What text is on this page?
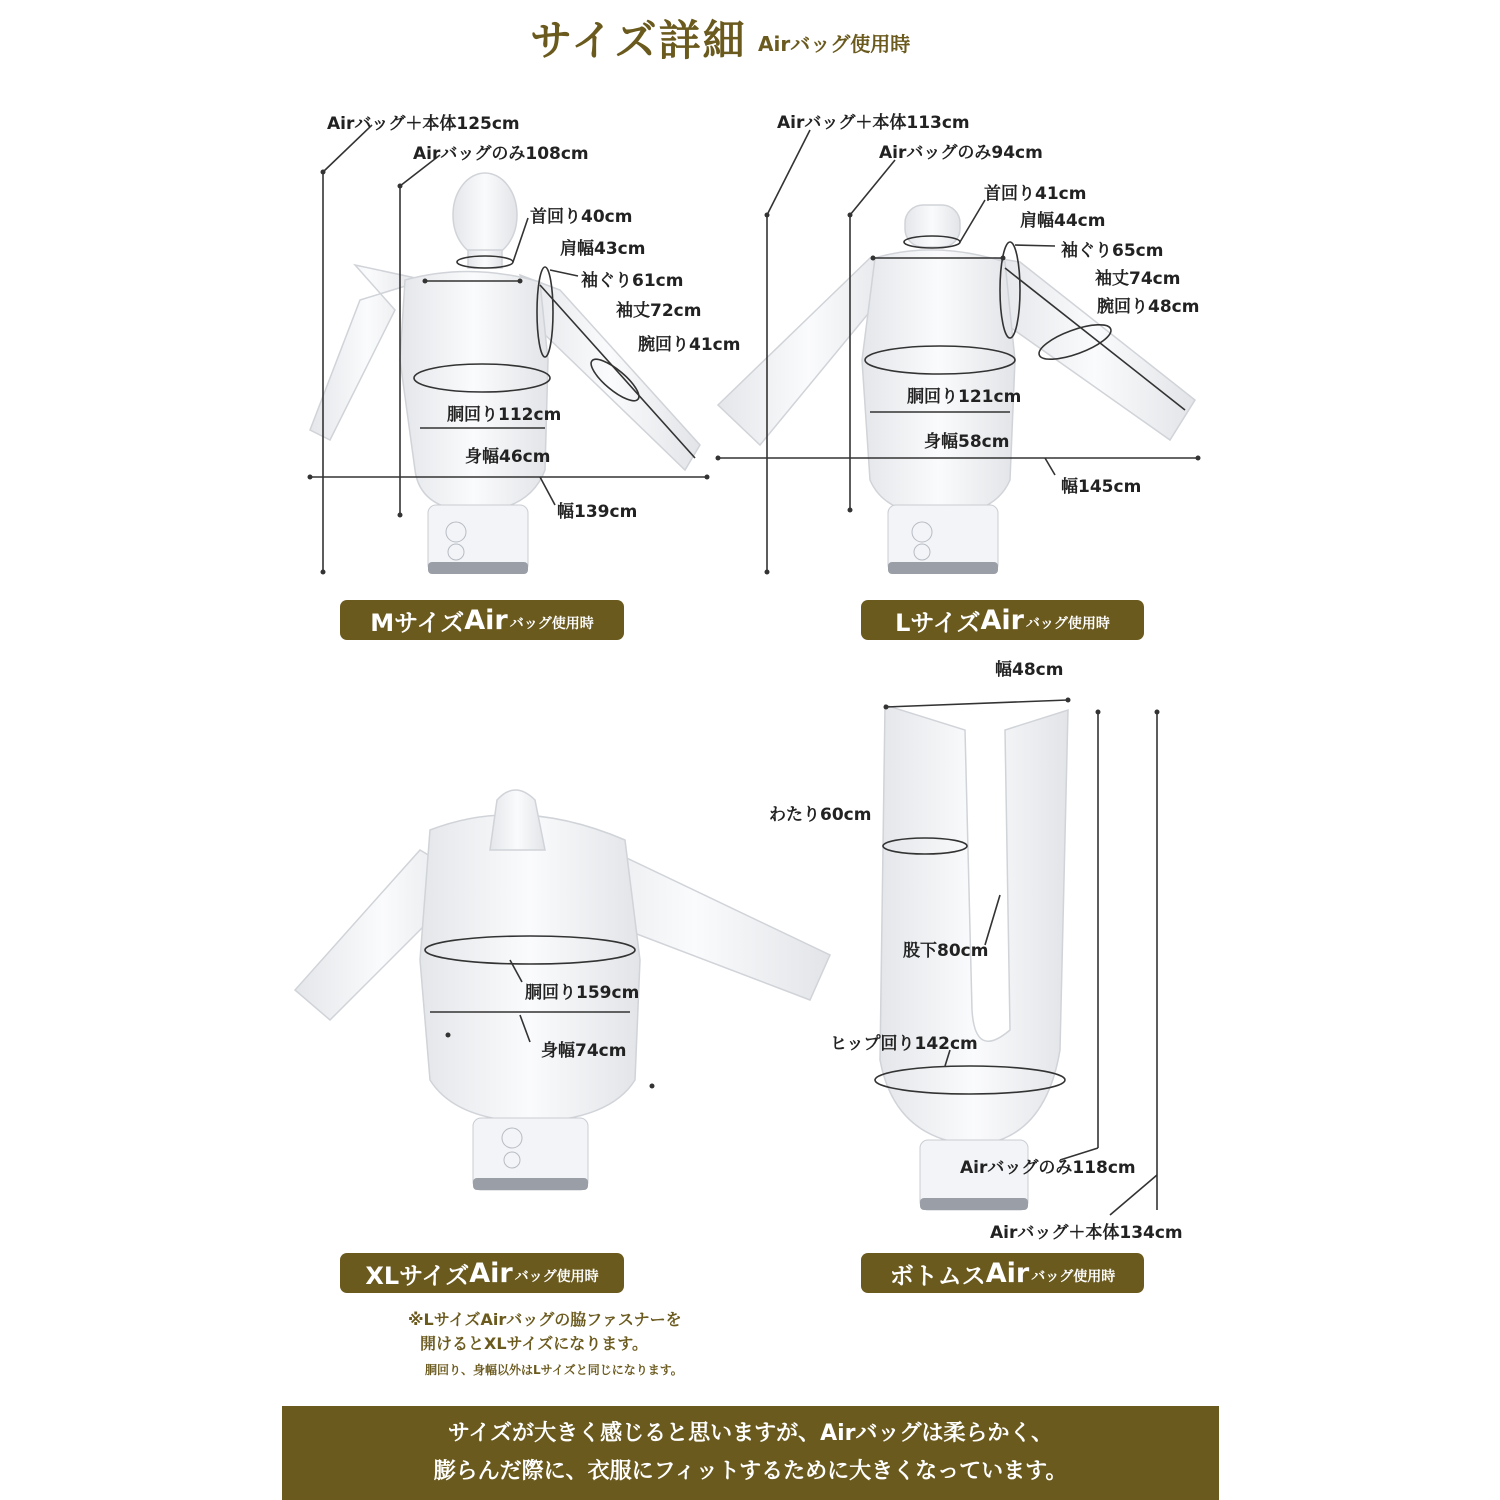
サイズ詳細 Airバッグ使用時
Airバッグ＋本体125cm
Airバッグのみ108cm
首回り40cm
肩幅43cm
袖ぐり61cm
袖丈72cm
腕回り41cm
胴回り112cm
身幅46cm
幅139cm
Airバッグ＋本体113cm
Airバッグのみ94cm
首回り41cm
肩幅44cm
袖ぐり65cm
袖丈74cm
腕回り48cm
胴回り121cm
身幅58cm
幅145cm
Mサイズ Air バッグ使用時	Lサイズ Air バッグ使用時
胴回り159cm
身幅74cm
XLサイズ Air バッグ使用時
※LサイズAirバッグの脇ファスナーを
開けるとXLサイズになります。
胴回り、身幅以外はLサイズと同じになります。
幅48cm
わたり60cm
股下80cm
ヒップ回り142cm
Airバッグのみ118cm
Airバッグ＋本体134cm
ボトムス Air バッグ使用時
サイズが大きく感じると思いますが、Airバッグは柔らかく、
膨らんだ際に、衣服にフィットするために大きくなっています。
